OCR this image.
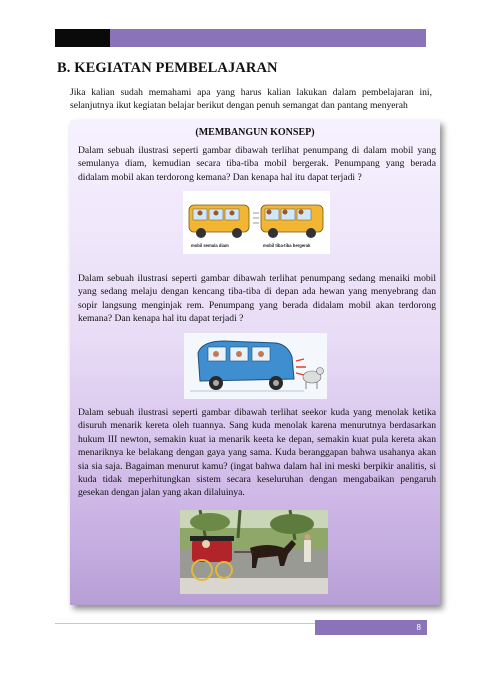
B. KEGIATAN PEMBELAJARAN
Jika kalian sudah memahami apa yang harus kalian lakukan dalam pembelajaran ini, selanjutnya ikut kegiatan belajar berikut dengan penuh semangat dan pantang menyerah
(MEMBANGUN KONSEP)
Dalam sebuah ilustrasi seperti gambar dibawah terlihat penumpang di dalam mobil yang semulanya diam, kemudian secara tiba-tiba mobil bergerak. Penumpang yang berada didalam mobil akan terdorong kemana? Dan kenapa hal itu dapat terjadi ?
mobil semula diam	mobil tiba-tiba bergerak
Dalam sebuah ilustrasi seperti gambar dibawah terlihat penumpang sedang menaiki mobil yang sedang melaju dengan kencang tiba-tiba di depan ada hewan yang menyebrang dan sopir langsung menginjak rem. Penumpang yang berada didalam mobil akan terdorong kemana? Dan kenapa hal itu dapat terjadi ?
Dalam sebuah ilustrasi seperti gambar dibawah terlihat seekor kuda yang menolak ketika disuruh menarik kereta oleh tuannya. Sang kuda menolak karena menurutnya berdasarkan hukum III newton, semakin kuat ia menarik keeta ke depan, semakin kuat pula kereta akan menariknya ke belakang dengan gaya yang sama. Kuda beranggapan bahwa usahanya akan sia sia saja. Bagaiman menurut kamu? (ingat bahwa dalam hal ini meski berpikir analitis, si kuda tidak meperhitungkan sistem secara keseluruhan dengan mengabaikan pengaruh gesekan dengan jalan yang akan dilaluinya.
8
